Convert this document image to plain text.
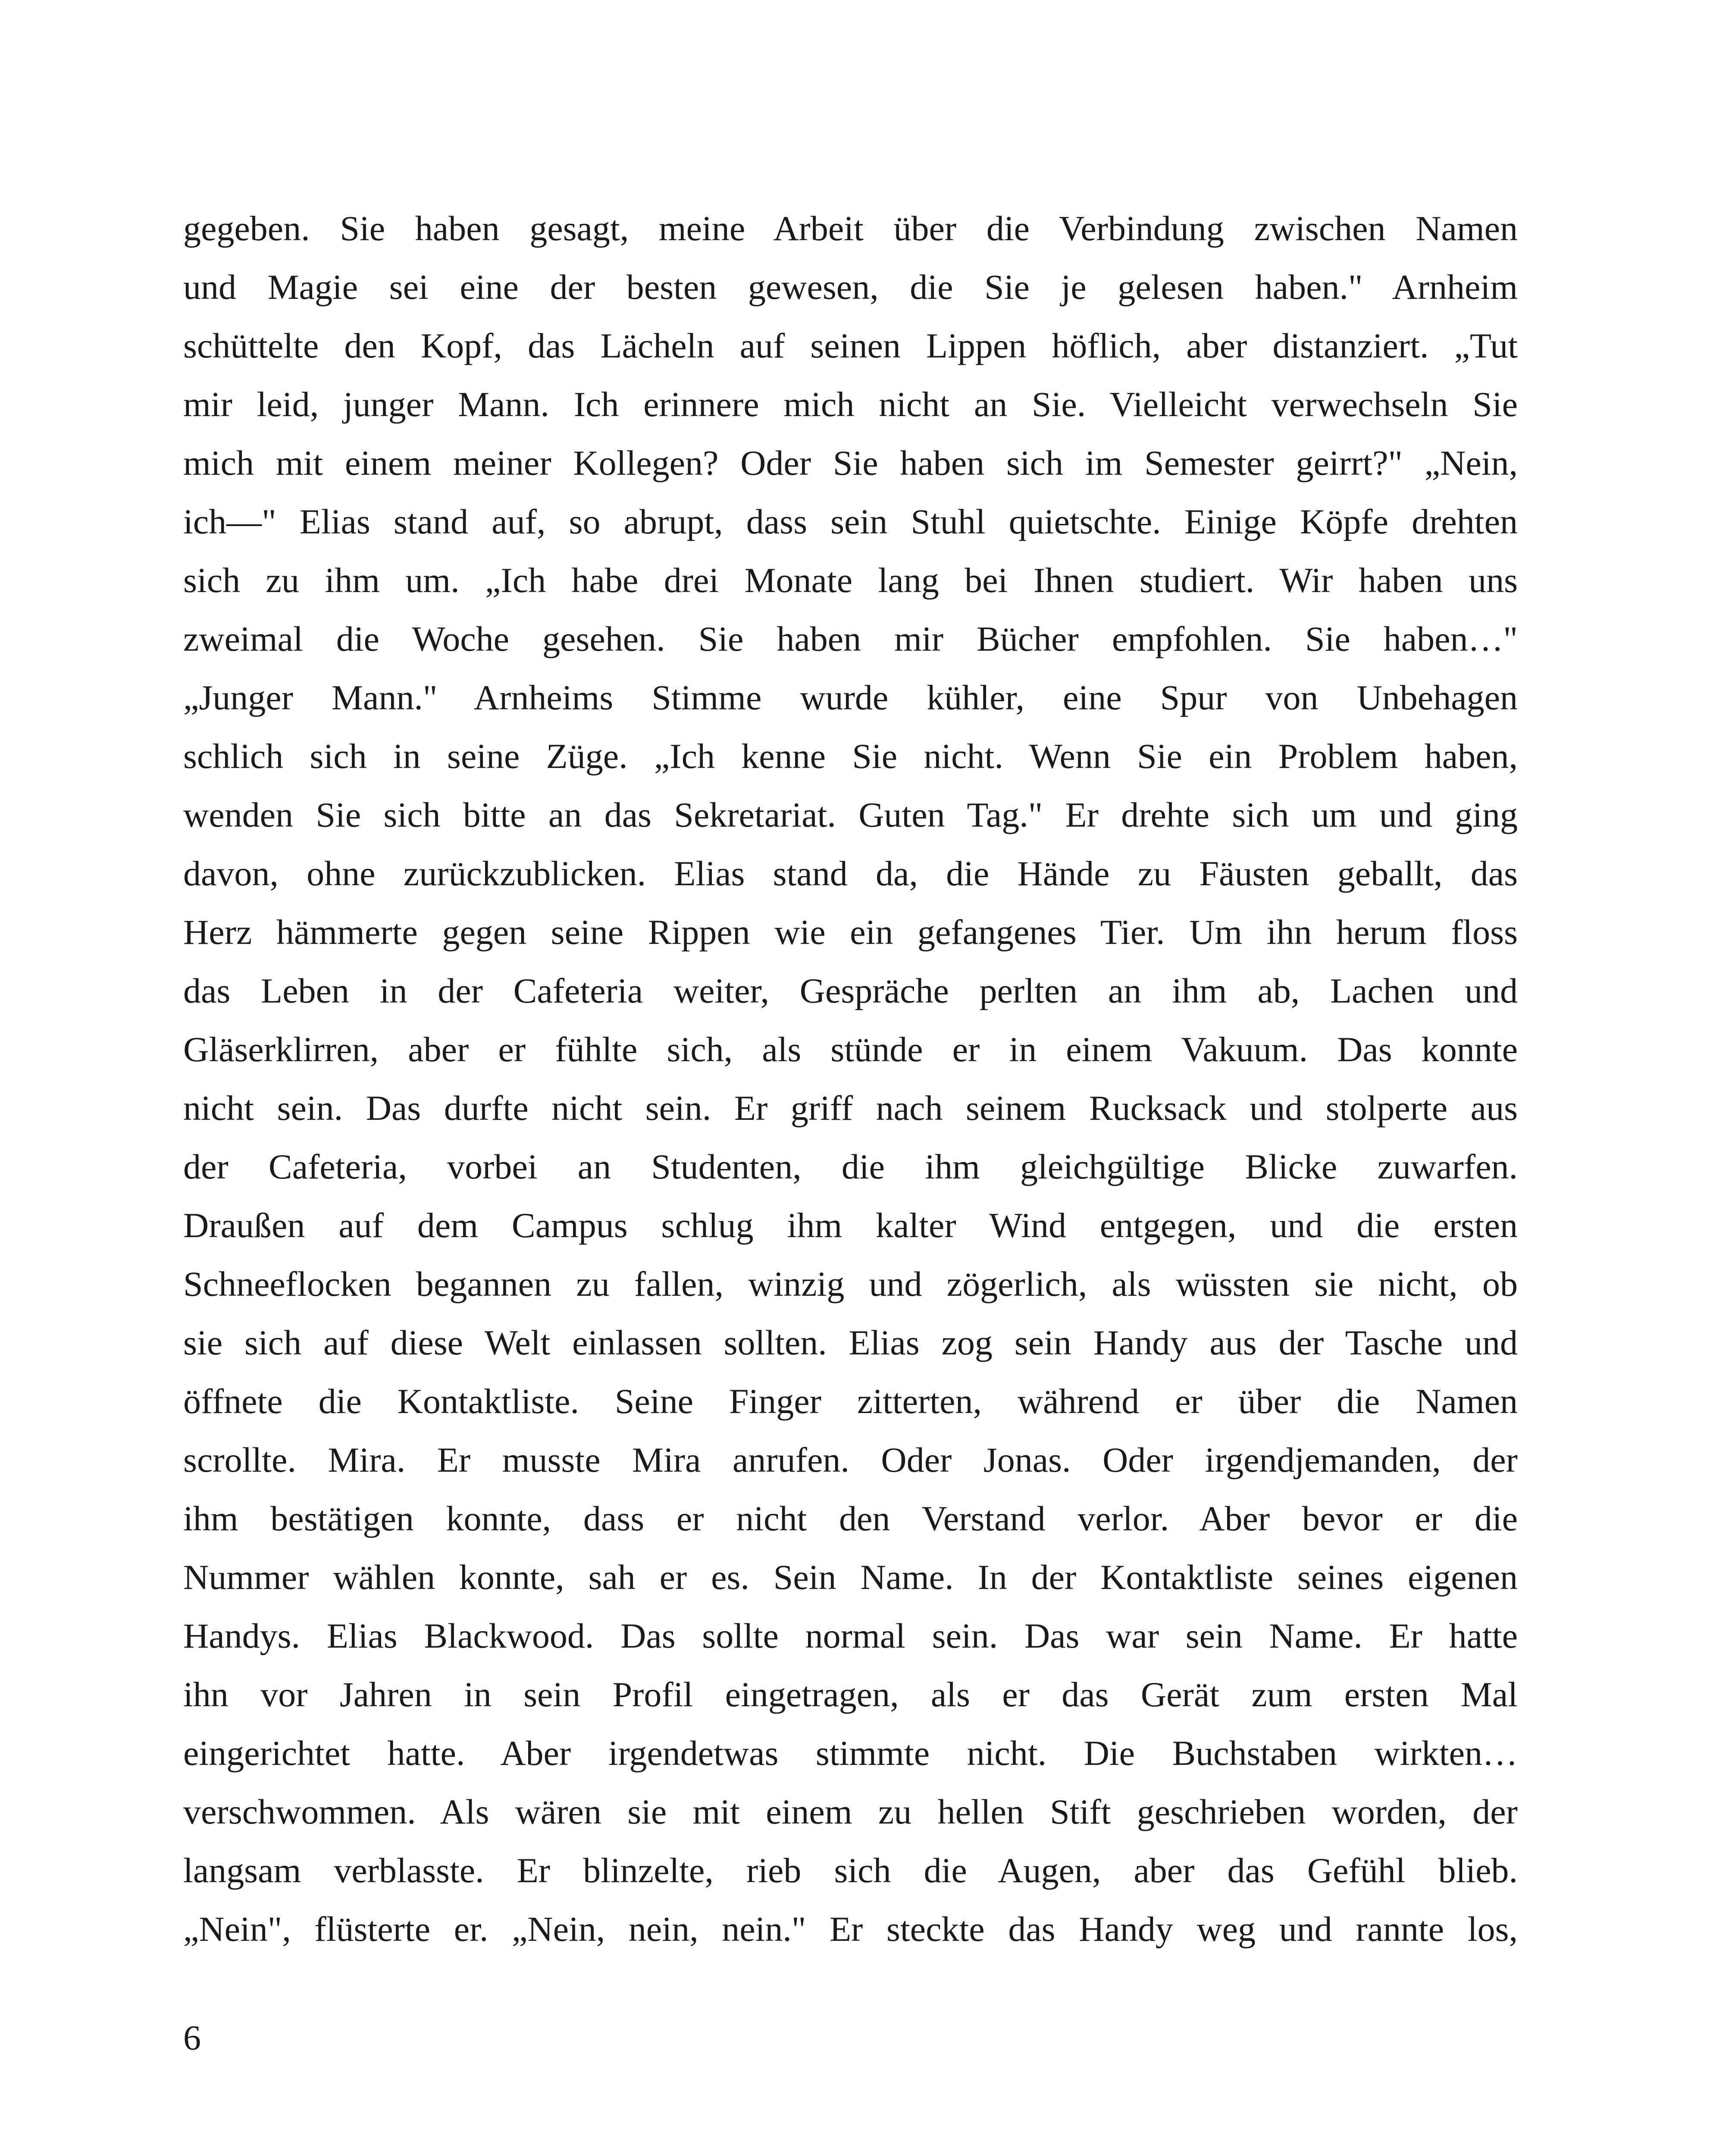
gegeben. Sie haben gesagt, meine Arbeit über die Verbindung zwischen Namen
und Magie sei eine der besten gewesen, die Sie je gelesen haben." Arnheim
schüttelte den Kopf, das Lächeln auf seinen Lippen höflich, aber distanziert. „Tut
mir leid, junger Mann. Ich erinnere mich nicht an Sie. Vielleicht verwechseln Sie
mich mit einem meiner Kollegen? Oder Sie haben sich im Semester geirrt?" „Nein,
ich—" Elias stand auf, so abrupt, dass sein Stuhl quietschte. Einige Köpfe drehten
sich zu ihm um. „Ich habe drei Monate lang bei Ihnen studiert. Wir haben uns
zweimal die Woche gesehen. Sie haben mir Bücher empfohlen. Sie haben…"
„Junger Mann." Arnheims Stimme wurde kühler, eine Spur von Unbehagen
schlich sich in seine Züge. „Ich kenne Sie nicht. Wenn Sie ein Problem haben,
wenden Sie sich bitte an das Sekretariat. Guten Tag." Er drehte sich um und ging
davon, ohne zurückzublicken. Elias stand da, die Hände zu Fäusten geballt, das
Herz hämmerte gegen seine Rippen wie ein gefangenes Tier. Um ihn herum floss
das Leben in der Cafeteria weiter, Gespräche perlten an ihm ab, Lachen und
Gläserklirren, aber er fühlte sich, als stünde er in einem Vakuum. Das konnte
nicht sein. Das durfte nicht sein. Er griff nach seinem Rucksack und stolperte aus
der Cafeteria, vorbei an Studenten, die ihm gleichgültige Blicke zuwarfen.
Draußen auf dem Campus schlug ihm kalter Wind entgegen, und die ersten
Schneeflocken begannen zu fallen, winzig und zögerlich, als wüssten sie nicht, ob
sie sich auf diese Welt einlassen sollten. Elias zog sein Handy aus der Tasche und
öffnete die Kontaktliste. Seine Finger zitterten, während er über die Namen
scrollte. Mira. Er musste Mira anrufen. Oder Jonas. Oder irgendjemanden, der
ihm bestätigen konnte, dass er nicht den Verstand verlor. Aber bevor er die
Nummer wählen konnte, sah er es. Sein Name. In der Kontaktliste seines eigenen
Handys. Elias Blackwood. Das sollte normal sein. Das war sein Name. Er hatte
ihn vor Jahren in sein Profil eingetragen, als er das Gerät zum ersten Mal
eingerichtet hatte. Aber irgendetwas stimmte nicht. Die Buchstaben wirkten…
verschwommen. Als wären sie mit einem zu hellen Stift geschrieben worden, der
langsam verblasste. Er blinzelte, rieb sich die Augen, aber das Gefühl blieb.
„Nein", flüsterte er. „Nein, nein, nein." Er steckte das Handy weg und rannte los,
6
